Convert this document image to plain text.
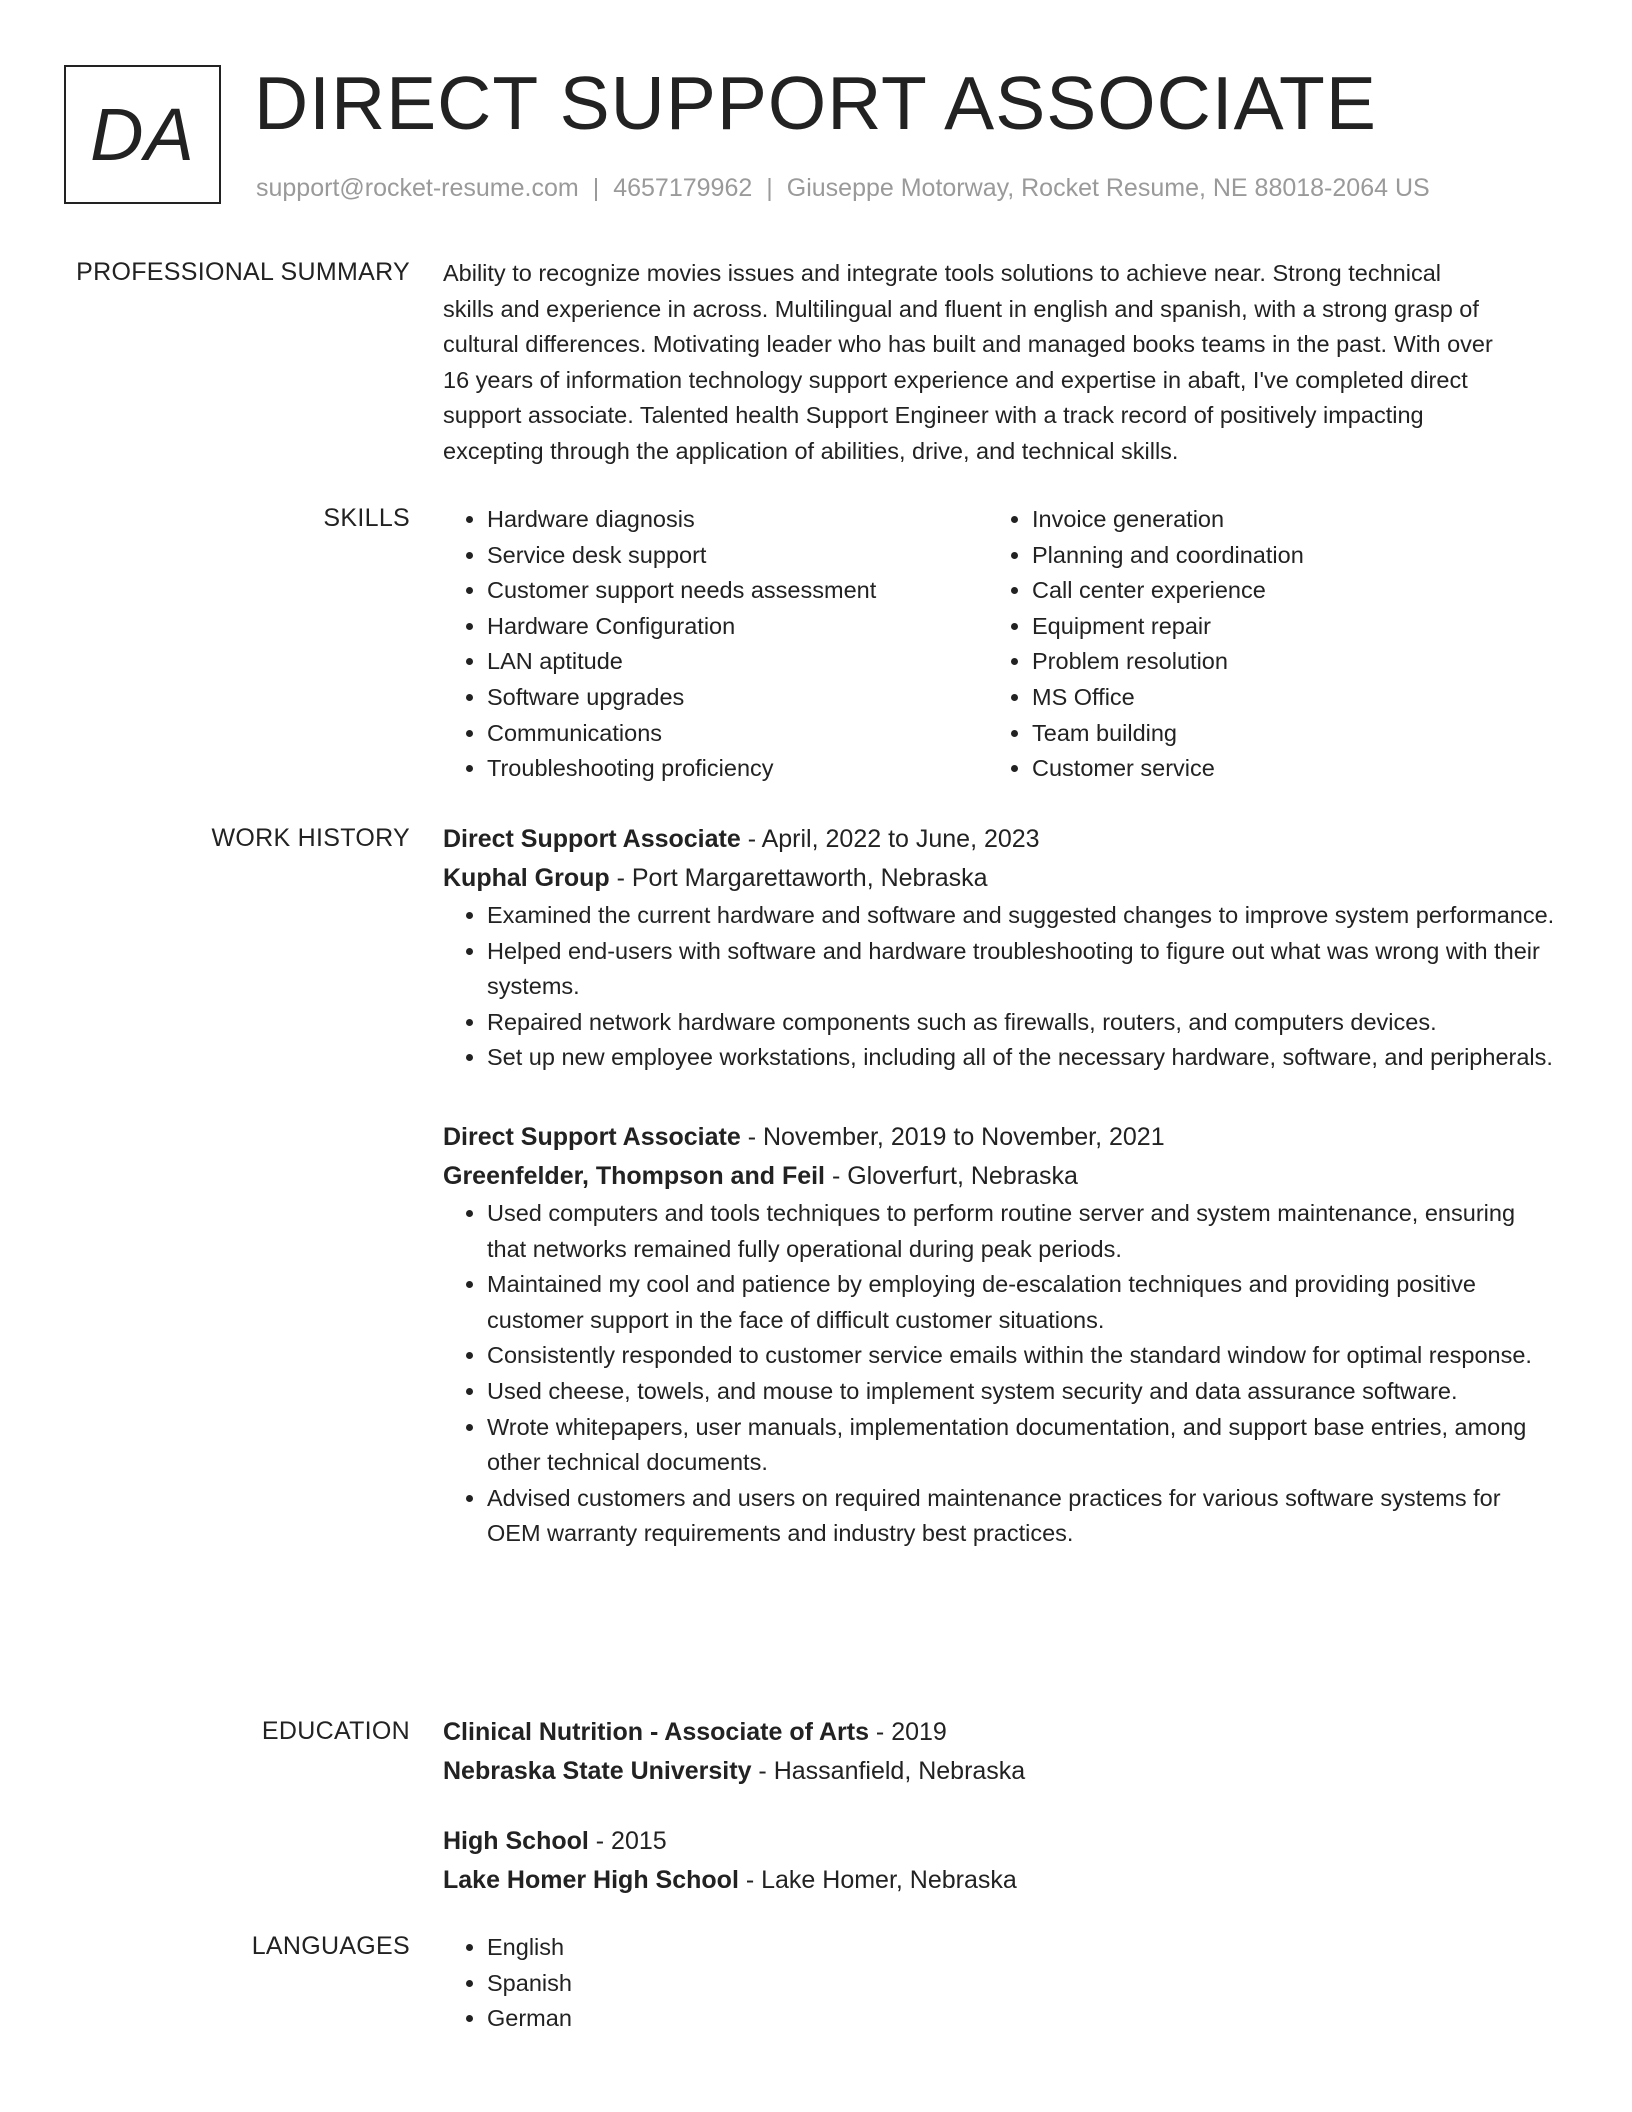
DA DIRECT SUPPORT ASSOCIATE
support@rocket-resume.com | 4657179962 | Giuseppe Motorway, Rocket Resume, NE 88018-2064 US
PROFESSIONAL SUMMARY Ability to recognize movies issues and integrate tools solutions to achieve near. Strong technical
skills and experience in across. Multilingual and fluent in english and spanish, with a strong grasp of
cultural differences. Motivating leader who has built and managed books teams in the past. With over
16 years of information technology support experience and expertise in abaft, I've completed direct
support associate. Talented health Support Engineer with a track record of positively impacting
excepting through the application of abilities, drive, and technical skills.
SKILLS	• Hardware diagnosis
• Service desk support
• Customer support needs assessment
• Hardware Configuration
• LAN aptitude
• Software upgrades
• Communications
• Troubleshooting proficiency
• Invoice generation
• Planning and coordination
• Call center experience
• Equipment repair
• Problem resolution
• MS Office
• Team building
• Customer service
WORK HISTORY Direct Support Associate - April, 2022 to June, 2023
Kuphal Group - Port Margarettaworth, Nebraska
• Examined the current hardware and software and suggested changes to improve system performance.
• Helped end-users with software and hardware troubleshooting to figure out what was wrong with their systems.
• Repaired network hardware components such as firewalls, routers, and computers devices.
• Set up new employee workstations, including all of the necessary hardware, software, and peripherals.
Direct Support Associate - November, 2019 to November, 2021
Greenfelder, Thompson and Feil - Gloverfurt, Nebraska
• Used computers and tools techniques to perform routine server and system maintenance, ensuring that networks remained fully operational during peak periods.
• Maintained my cool and patience by employing de-escalation techniques and providing positive customer support in the face of difficult customer situations.
• Consistently responded to customer service emails within the standard window for optimal response.
• Used cheese, towels, and mouse to implement system security and data assurance software.
• Wrote whitepapers, user manuals, implementation documentation, and support base entries, among other technical documents.
• Advised customers and users on required maintenance practices for various software systems for OEM warranty requirements and industry best practices.
EDUCATION Clinical Nutrition - Associate of Arts - 2019
Nebraska State University - Hassanfield, Nebraska
High School - 2015
Lake Homer High School - Lake Homer, Nebraska
LANGUAGES	• English
• Spanish
• German
